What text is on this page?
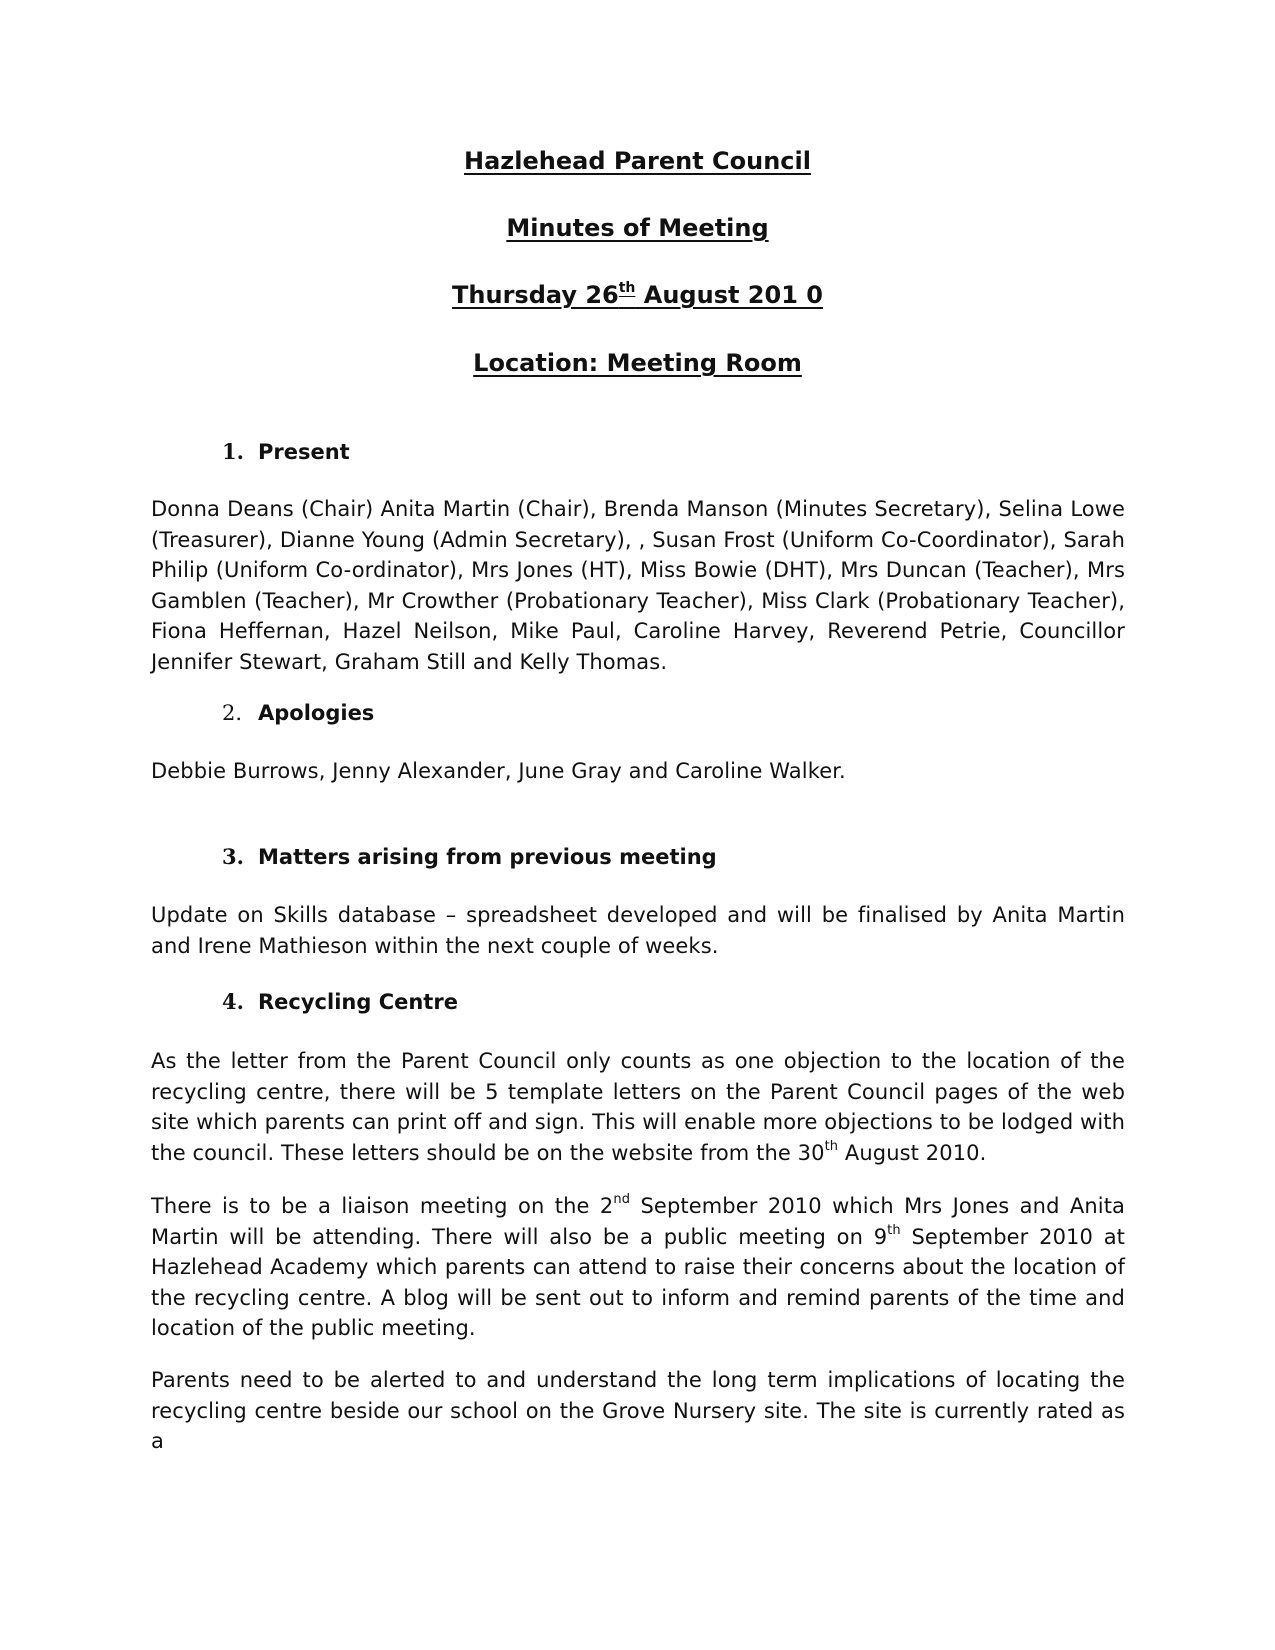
Hazlehead Parent Council
Minutes of Meeting
Thursday 26th August 201 0
Location: Meeting Room
1. Present
Donna Deans (Chair) Anita Martin (Chair), Brenda Manson (Minutes Secretary), Selina Lowe (Treasurer), Dianne Young (Admin Secretary), , Susan Frost (Uniform Co-Coordinator), Sarah Philip (Uniform Co-ordinator), Mrs Jones (HT), Miss Bowie (DHT), Mrs Duncan (Teacher), Mrs Gamblen (Teacher), Mr Crowther (Probationary Teacher), Miss Clark (Probationary Teacher), Fiona Heffernan, Hazel Neilson, Mike Paul, Caroline Harvey, Reverend Petrie, Councillor Jennifer Stewart, Graham Still and Kelly Thomas.
2. Apologies
Debbie Burrows, Jenny Alexander, June Gray and Caroline Walker.
3. Matters arising from previous meeting
Update on Skills database – spreadsheet developed and will be finalised by Anita Martin and Irene Mathieson within the next couple of weeks.
4. Recycling Centre
As the letter from the Parent Council only counts as one objection to the location of the recycling centre, there will be 5 template letters on the Parent Council pages of the web site which parents can print off and sign. This will enable more objections to be lodged with the council. These letters should be on the website from the 30th August 2010.
There is to be a liaison meeting on the 2nd September 2010 which Mrs Jones and Anita Martin will be attending. There will also be a public meeting on 9th September 2010 at Hazlehead Academy which parents can attend to raise their concerns about the location of the recycling centre. A blog will be sent out to inform and remind parents of the time and location of the public meeting.
Parents need to be alerted to and understand the long term implications of locating the recycling centre beside our school on the Grove Nursery site. The site is currently rated as a
